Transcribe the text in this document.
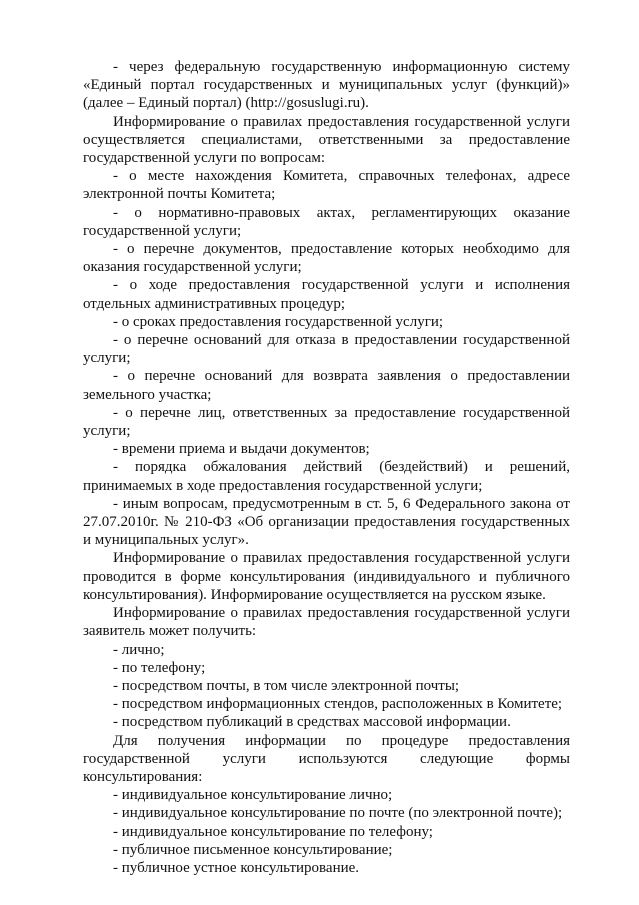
- через федеральную государственную информационную систему «Единый портал государственных и муниципальных услуг (функций)» (далее – Единый портал) (http://gosuslugi.ru).

Информирование о правилах предоставления государственной услуги осуществляется специалистами, ответственными за предоставление государственной услуги по вопросам:

- о месте нахождения Комитета, справочных телефонах, адресе электронной почты Комитета;

- о нормативно-правовых актах, регламентирующих оказание государственной услуги;

- о перечне документов, предоставление которых необходимо для оказания государственной услуги;

- о ходе предоставления государственной услуги и исполнения отдельных административных процедур;

- о сроках предоставления государственной услуги;

- о перечне оснований для отказа в предоставлении государственной услуги;

- о перечне оснований для возврата заявления о предоставлении земельного участка;

- о перечне лиц, ответственных за предоставление государственной услуги;

- времени приема и выдачи документов;

- порядка обжалования действий (бездействий) и решений, принимаемых в ходе предоставления государственной услуги;

- иным вопросам, предусмотренным в ст. 5, 6 Федерального закона от 27.07.2010г. № 210-ФЗ «Об организации предоставления государственных и муниципальных услуг».

Информирование о правилах предоставления государственной услуги проводится в форме консультирования (индивидуального и публичного консультирования). Информирование осуществляется на русском языке.

Информирование о правилах предоставления государственной услуги заявитель может получить:

- лично;

- по телефону;

- посредством почты, в том числе электронной почты;

- посредством информационных стендов, расположенных в Комитете;

- посредством публикаций в средствах массовой информации.

Для получения информации по процедуре предоставления государственной услуги используются следующие формы консультирования:

- индивидуальное консультирование лично;

- индивидуальное консультирование по почте (по электронной почте);

- индивидуальное консультирование по телефону;

- публичное письменное консультирование;

- публичное устное консультирование.
